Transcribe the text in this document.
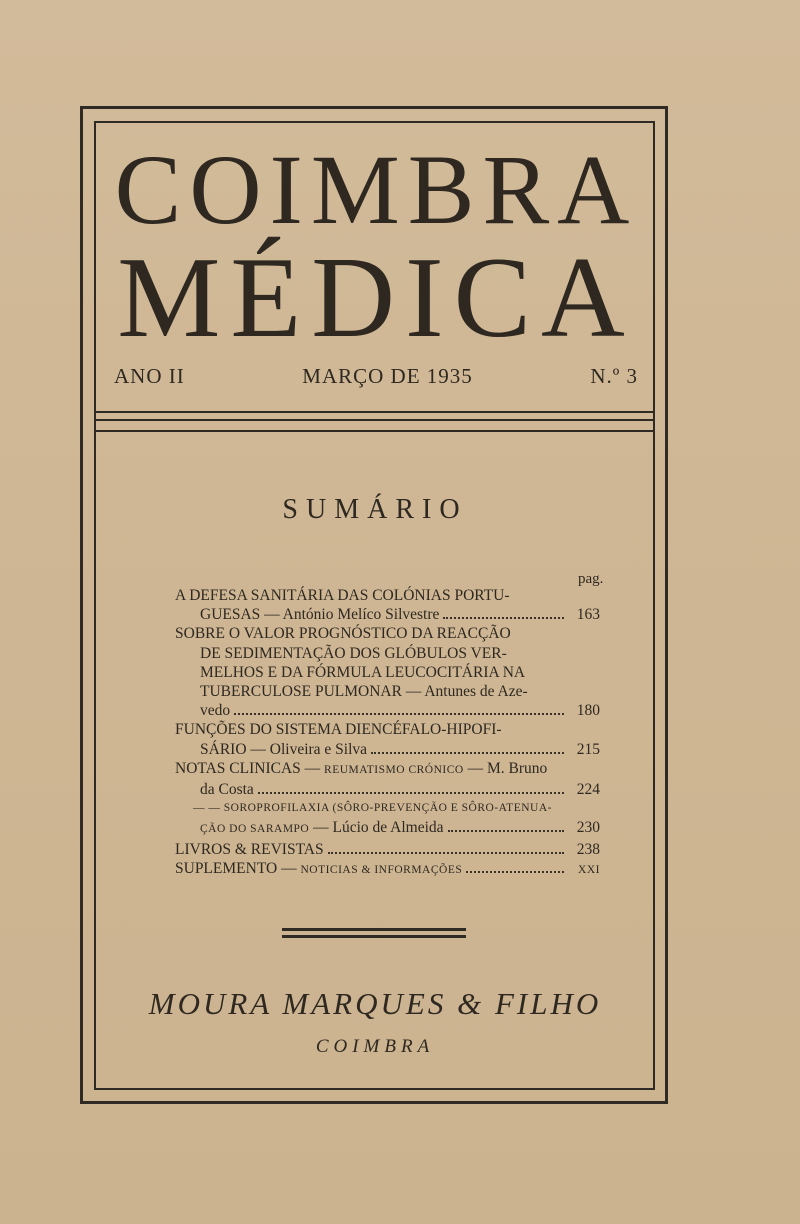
COIMBRA
MÉDICA
ANO II	MARÇO DE 1935	N.º 3
SUMÁRIO
pag.
A DEFESA SANITÁRIA DAS COLÓNIAS PORTU-
GUESAS — António Melíco Silvestre	163
SOBRE O VALOR PROGNÓSTICO DA REACÇÃO
DE SEDIMENTAÇÃO DOS GLÓBULOS VER-
MELHOS E DA FÓRMULA LEUCOCITÁRIA NA
TUBERCULOSE PULMONAR — Antunes de Aze-
vedo	180
FUNÇÕES DO SISTEMA DIENCÉFALO-HIPOFI-
SÁRIO — Oliveira e Silva	215
NOTAS CLINICAS — REUMATISMO CRÓNICO — M. Bruno
da Costa	224
— — SOROPROFILAXIA (SÔRO-PREVENÇÃO E SÔRO-ATENUA-
ÇÃO DO SARAMPO — Lúcio de Almeida	230
LIVROS & REVISTAS	238
SUPLEMENTO — NOTICIAS & INFORMAÇÕES	XXI
MOURA MARQUES & FILHO
COIMBRA
